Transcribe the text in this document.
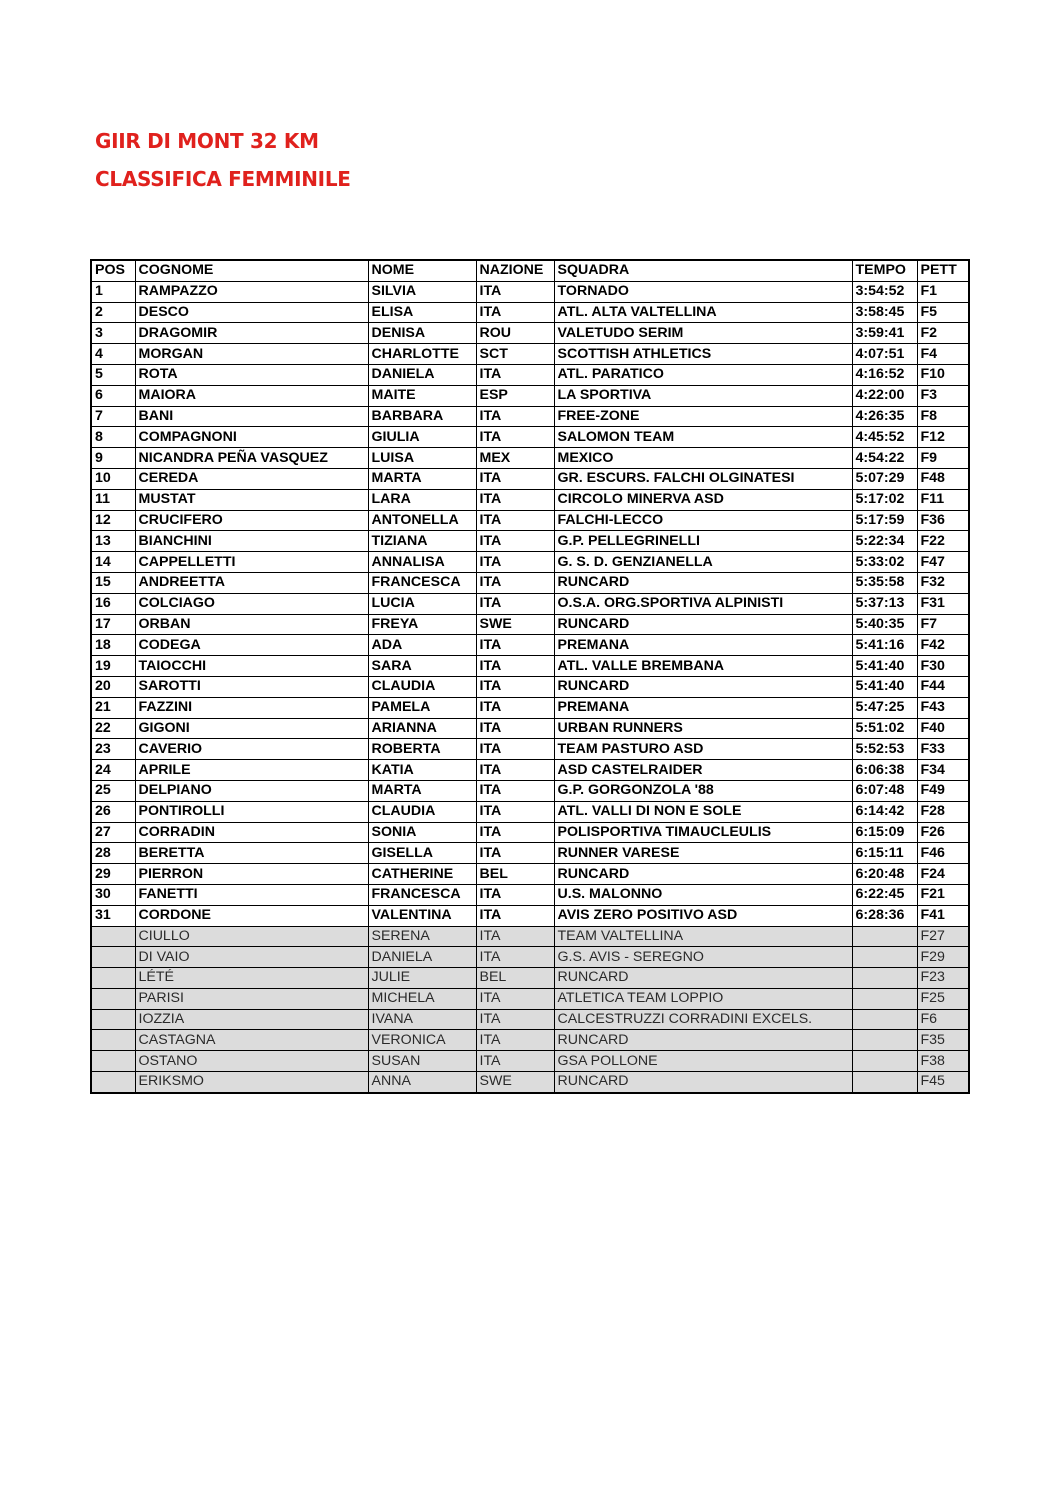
GIIR DI MONT 32 KM
CLASSIFICA FEMMINILE
POS	COGNOME	NOME	NAZIONE	SQUADRA	TEMPO	PETT
1	RAMPAZZO	SILVIA	ITA	TORNADO	3:54:52	F1
2	DESCO	ELISA	ITA	ATL. ALTA VALTELLINA	3:58:45	F5
3	DRAGOMIR	DENISA	ROU	VALETUDO SERIM	3:59:41	F2
4	MORGAN	CHARLOTTE	SCT	SCOTTISH ATHLETICS	4:07:51	F4
5	ROTA	DANIELA	ITA	ATL. PARATICO	4:16:52	F10
6	MAIORA	MAITE	ESP	LA SPORTIVA	4:22:00	F3
7	BANI	BARBARA	ITA	FREE-ZONE	4:26:35	F8
8	COMPAGNONI	GIULIA	ITA	SALOMON TEAM	4:45:52	F12
9	NICANDRA PEÑA VASQUEZ	LUISA	MEX	MEXICO	4:54:22	F9
10	CEREDA	MARTA	ITA	GR. ESCURS. FALCHI OLGINATESI	5:07:29	F48
11	MUSTAT	LARA	ITA	CIRCOLO MINERVA ASD	5:17:02	F11
12	CRUCIFERO	ANTONELLA	ITA	FALCHI-LECCO	5:17:59	F36
13	BIANCHINI	TIZIANA	ITA	G.P. PELLEGRINELLI	5:22:34	F22
14	CAPPELLETTI	ANNALISA	ITA	G. S. D. GENZIANELLA	5:33:02	F47
15	ANDREETTA	FRANCESCA	ITA	RUNCARD	5:35:58	F32
16	COLCIAGO	LUCIA	ITA	O.S.A. ORG.SPORTIVA ALPINISTI	5:37:13	F31
17	ORBAN	FREYA	SWE	RUNCARD	5:40:35	F7
18	CODEGA	ADA	ITA	PREMANA	5:41:16	F42
19	TAIOCCHI	SARA	ITA	ATL. VALLE BREMBANA	5:41:40	F30
20	SAROTTI	CLAUDIA	ITA	RUNCARD	5:41:40	F44
21	FAZZINI	PAMELA	ITA	PREMANA	5:47:25	F43
22	GIGONI	ARIANNA	ITA	URBAN RUNNERS	5:51:02	F40
23	CAVERIO	ROBERTA	ITA	TEAM PASTURO ASD	5:52:53	F33
24	APRILE	KATIA	ITA	ASD CASTELRAIDER	6:06:38	F34
25	DELPIANO	MARTA	ITA	G.P. GORGONZOLA '88	6:07:48	F49
26	PONTIROLLI	CLAUDIA	ITA	ATL. VALLI DI NON E SOLE	6:14:42	F28
27	CORRADIN	SONIA	ITA	POLISPORTIVA TIMAUCLEULIS	6:15:09	F26
28	BERETTA	GISELLA	ITA	RUNNER VARESE	6:15:11	F46
29	PIERRON	CATHERINE	BEL	RUNCARD	6:20:48	F24
30	FANETTI	FRANCESCA	ITA	U.S. MALONNO	6:22:45	F21
31	CORDONE	VALENTINA	ITA	AVIS ZERO POSITIVO ASD	6:28:36	F41
	CIULLO	SERENA	ITA	TEAM VALTELLINA		F27
	DI VAIO	DANIELA	ITA	G.S. AVIS - SEREGNO		F29
	LÉTÉ	JULIE	BEL	RUNCARD		F23
	PARISI	MICHELA	ITA	ATLETICA TEAM LOPPIO		F25
	IOZZIA	IVANA	ITA	CALCESTRUZZI CORRADINI EXCELS.		F6
	CASTAGNA	VERONICA	ITA	RUNCARD		F35
	OSTANO	SUSAN	ITA	GSA POLLONE		F38
	ERIKSMO	ANNA	SWE	RUNCARD		F45
